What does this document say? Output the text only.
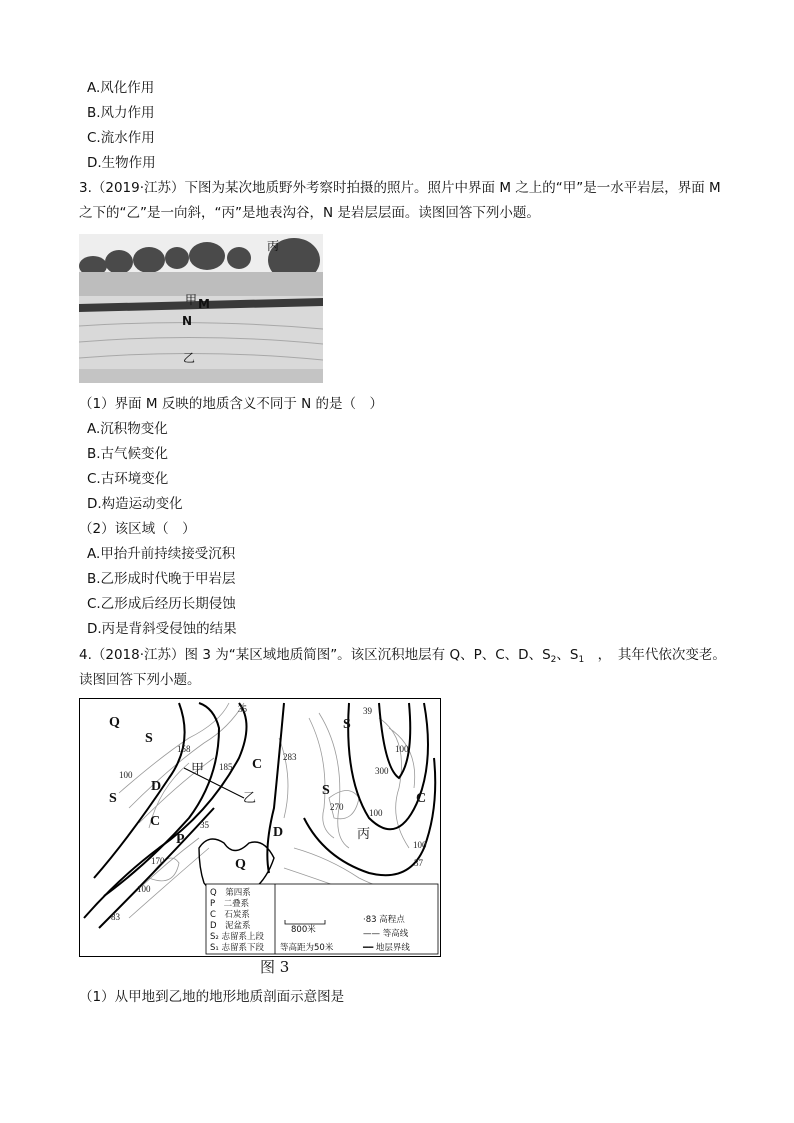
A.风化作用
B.风力作用
C.流水作用
D.生物作用
3.（2019·江苏）下图为某次地质野外考察时拍摄的照片。照片中界面 M 之上的“甲”是一水平岩层，界面 M
之下的“乙”是一向斜，“丙”是地表沟谷，N 是岩层层面。读图回答下列小题。
丙
甲 M
N
乙
（1）界面 M 反映的地质含义不同于 N 的是（　）
A.沉积物变化
B.古气候变化
C.古环境变化
D.构造运动变化
（2）该区域（　）
A.甲抬升前持续接受沉积
B.乙形成时代晚于甲岩层
C.乙形成后经历长期侵蚀
D.丙是背斜受侵蚀的结果
4.（2018·江苏）图 3 为“某区域地质简图”。该区沉积地层有 Q、P、C、D、$S_2$、$S_1$　，　其年代依次变老。
读图回答下列小题。
Q
S
C
S
D
C
P
Q
D
S
C
S
甲
乙
丙
35	39
158
185
283
100
300
270
100
100
35
170
100
83
37
100
Q　第四系
P　二叠系
C　石炭系
D　泥盆系
S₂ 志留系上段
S₁ 志留系下段
800米
等高距为50米
·83 高程点
—— 等高线
━━ 地层界线
图 3
（1）从甲地到乙地的地形地质剖面示意图是
